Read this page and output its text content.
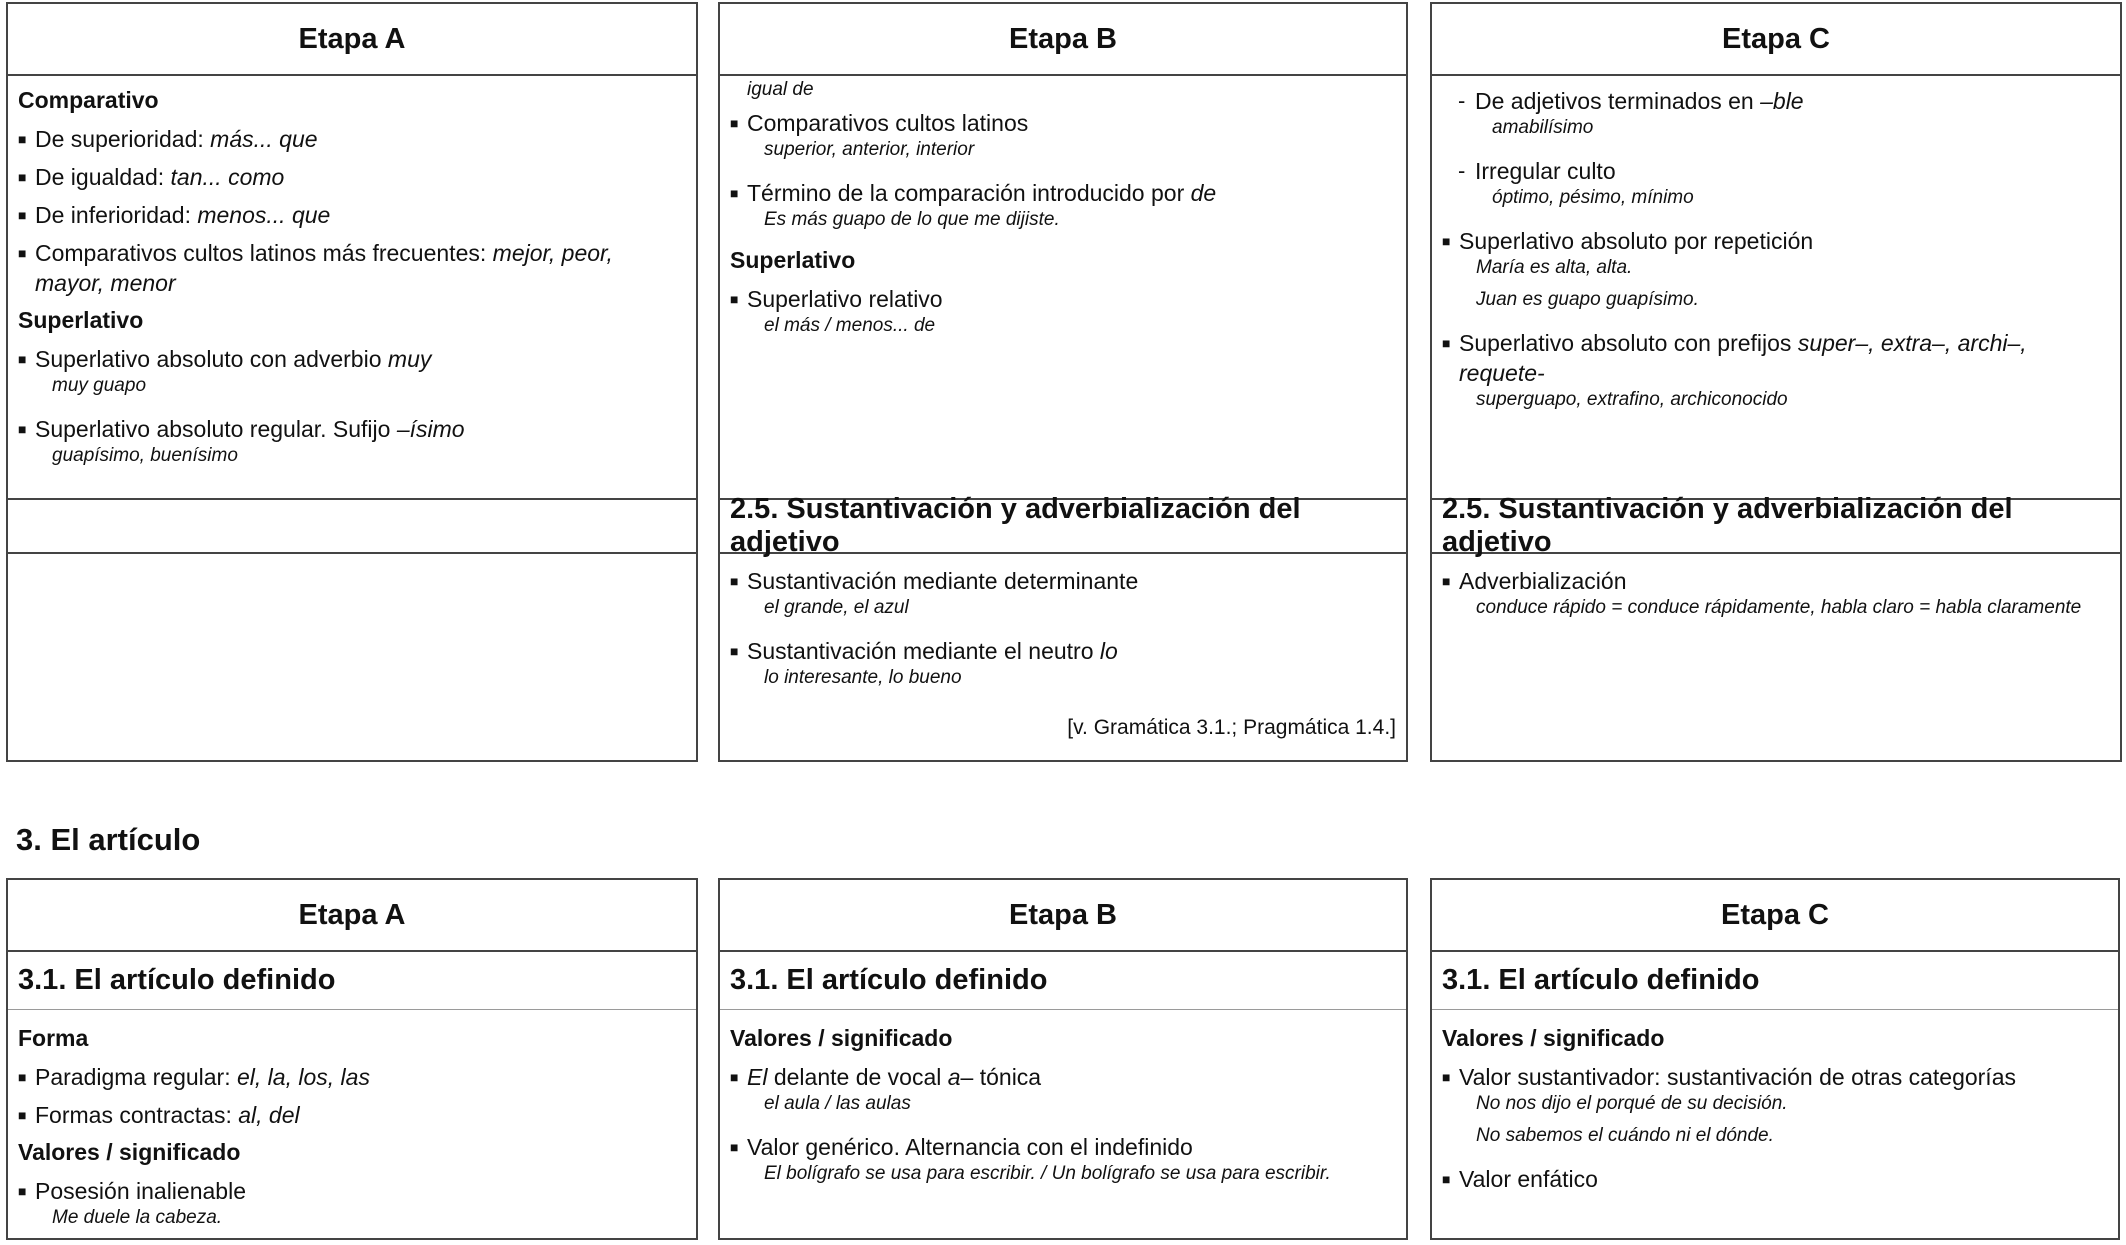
Etapa A
Comparativo
■ De superioridad: más... que
■ De igualdad: tan... como
■ De inferioridad: menos... que
■ Comparativos cultos latinos más frecuentes: mejor, peor, mayor, menor
Superlativo
■ Superlativo absoluto con adverbio muy
muy guapo
■ Superlativo absoluto regular. Sufijo –ísimo
guapísimo, buenísimo
Etapa B
igual de
■ Comparativos cultos latinos
superior, anterior, interior
■ Término de la comparación introducido por de
Es más guapo de lo que me dijiste.
Superlativo
■ Superlativo relativo
el más / menos... de
2.5. Sustantivación y adverbialización del adjetivo
■ Sustantivación mediante determinante
el grande, el azul
■ Sustantivación mediante el neutro lo
lo interesante, lo bueno
[v. Gramática 3.1.; Pragmática 1.4.]
Etapa C
- De adjetivos terminados en –ble
amabilísimo
- Irregular culto
óptimo, pésimo, mínimo
■ Superlativo absoluto por repetición
María es alta, alta.
Juan es guapo guapísimo.
■ Superlativo absoluto con prefijos super–, extra–, archi–, requete-
superguapo, extrafino, archiconocido
2.5. Sustantivación y adverbialización del adjetivo
■ Adverbialización
conduce rápido = conduce rápidamente, habla claro = habla claramente
3. El artículo
Etapa A
3.1. El artículo definido
Forma
■ Paradigma regular: el, la, los, las
■ Formas contractas: al, del
Valores / significado
■ Posesión inalienable
Me duele la cabeza.
Etapa B
3.1. El artículo definido
Valores / significado
■ El delante de vocal a– tónica
el aula / las aulas
■ Valor genérico. Alternancia con el indefinido
El bolígrafo se usa para escribir. / Un bolígrafo se usa para escribir.
Etapa C
3.1. El artículo definido
Valores / significado
■ Valor sustantivador: sustantivación de otras categorías
No nos dijo el porqué de su decisión.
No sabemos el cuándo ni el dónde.
■ Valor enfático
